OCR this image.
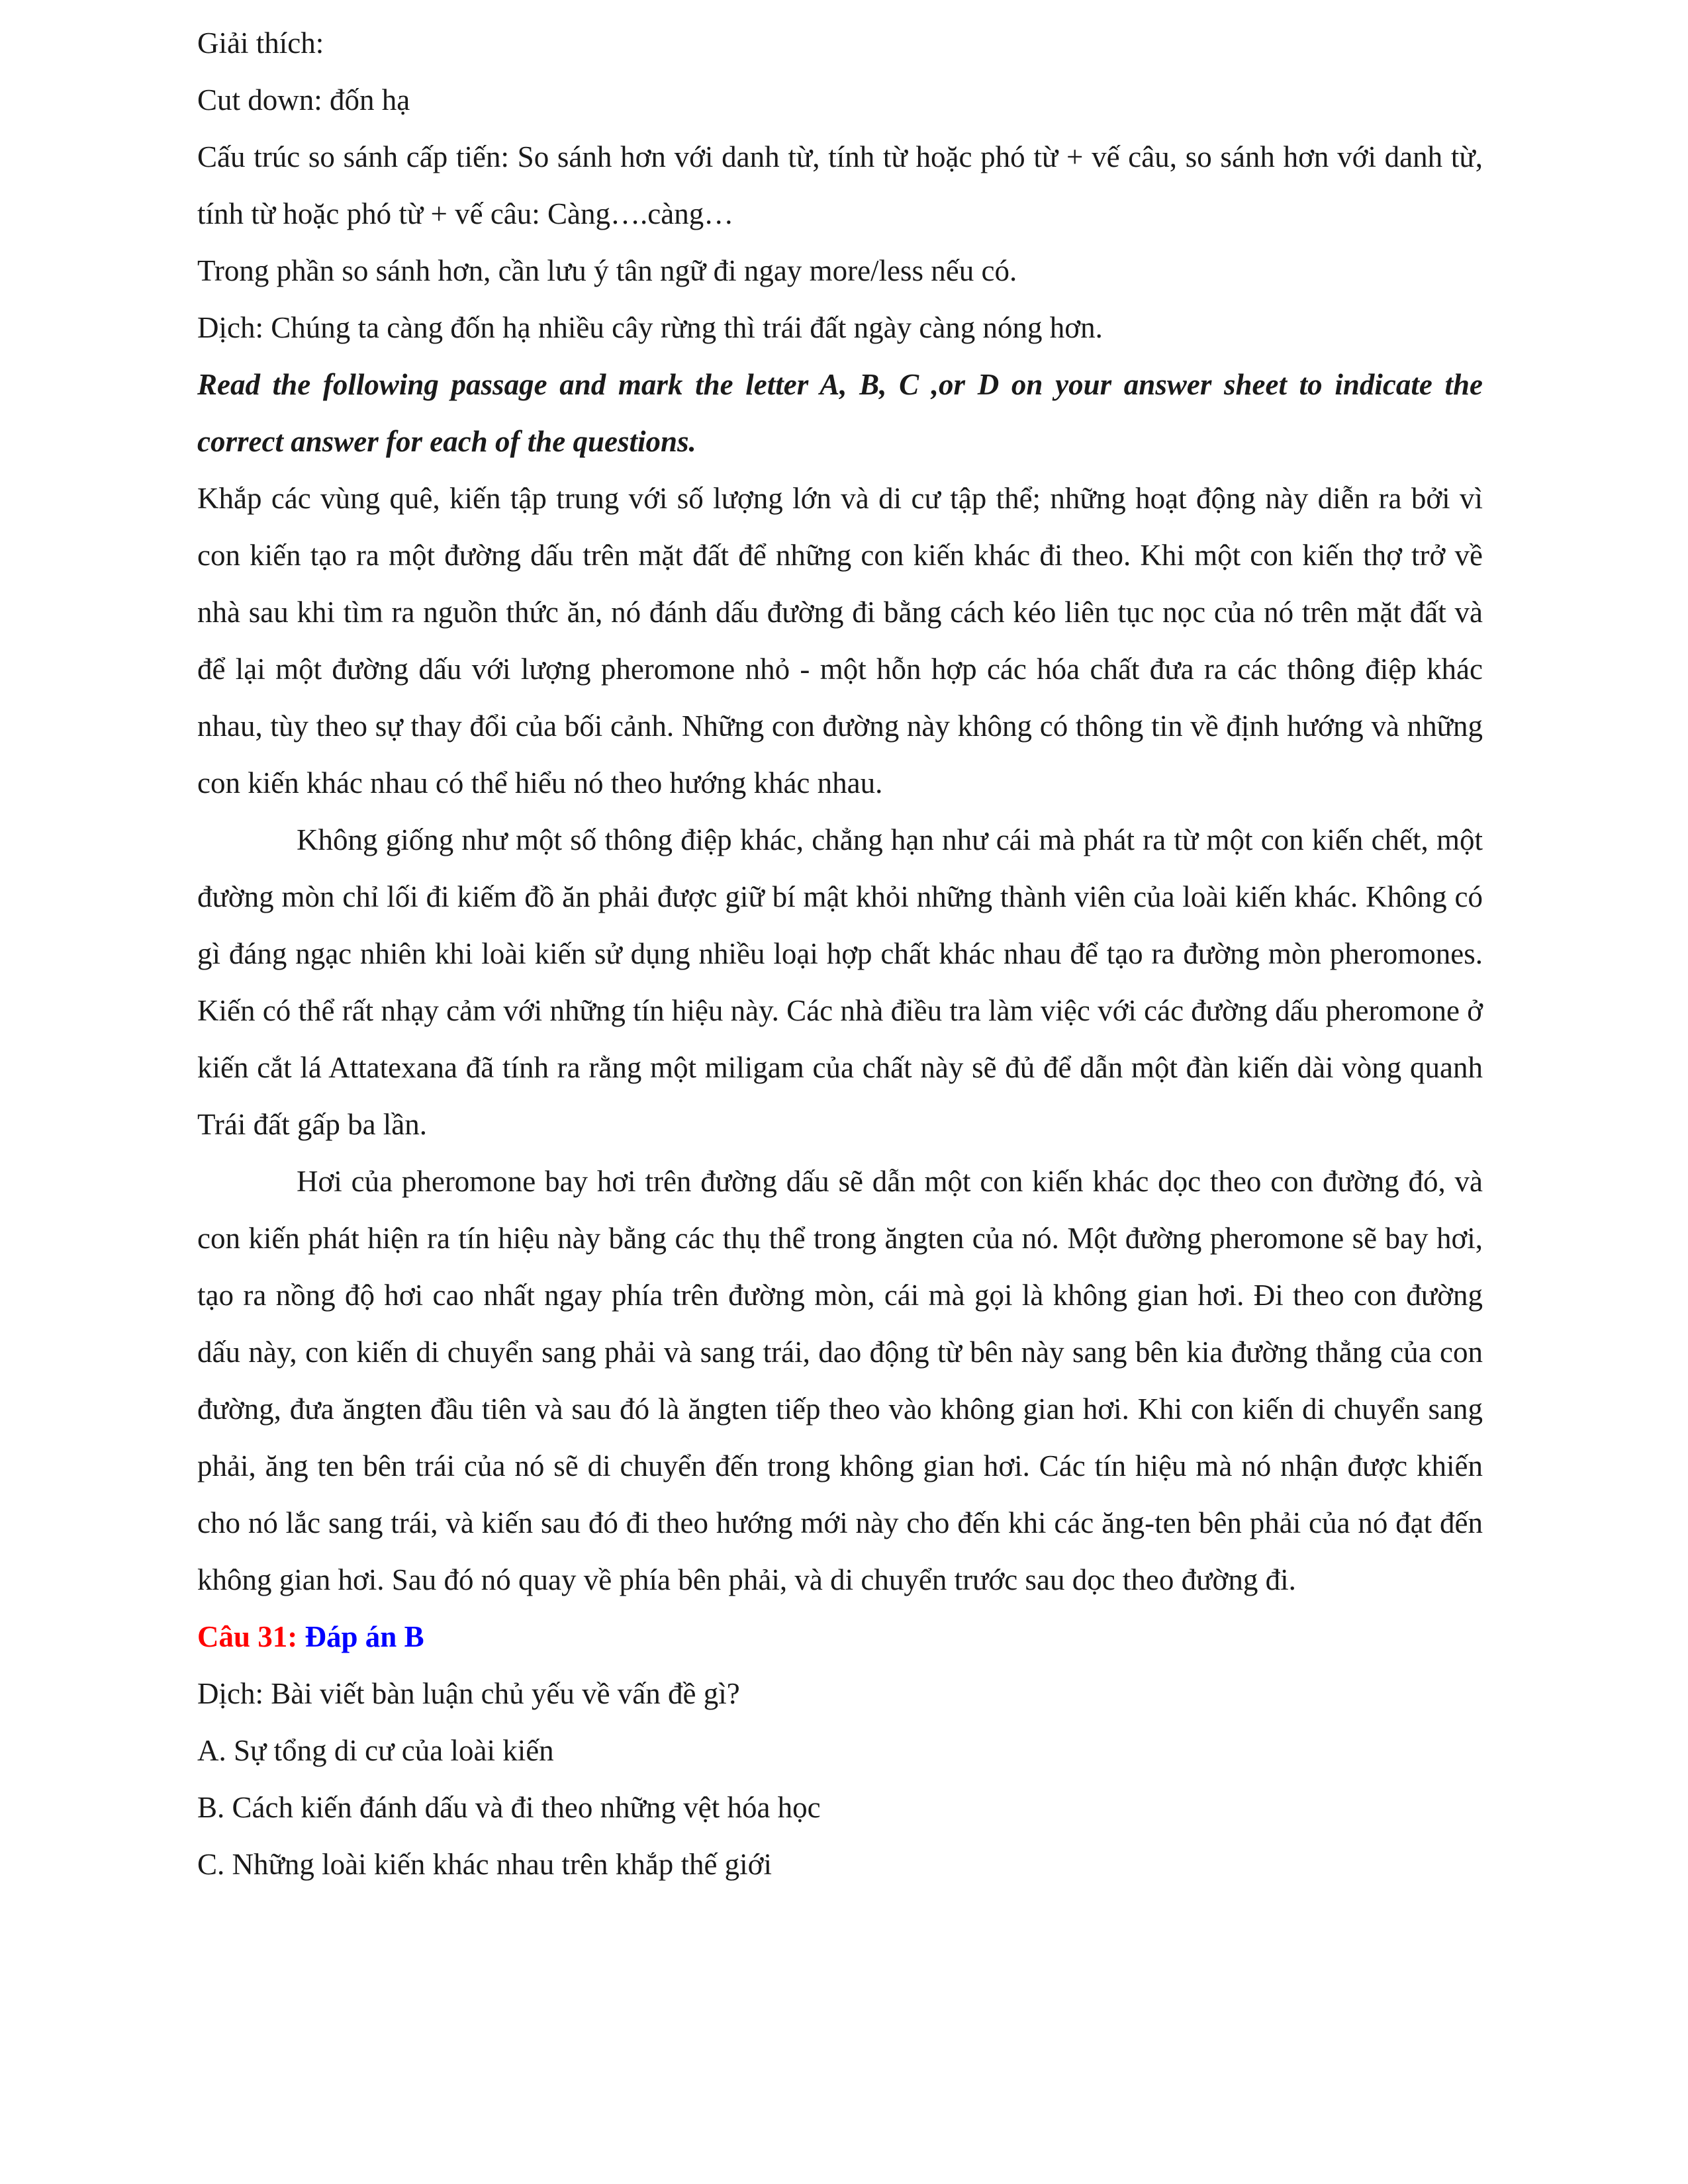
Giải thích:

Cut down: đốn hạ

Cấu trúc so sánh cấp tiến: So sánh hơn với danh từ, tính từ hoặc phó từ + vế câu, so sánh hơn với danh từ, tính từ hoặc phó từ + vế câu: Càng….càng…

Trong phần so sánh hơn, cần lưu ý tân ngữ đi ngay more/less nếu có.

Dịch: Chúng ta càng đốn hạ nhiều cây rừng thì trái đất ngày càng nóng hơn.

Read the following passage and mark the letter A, B, C ,or D on your answer sheet to indicate the correct answer for each of the questions.

Khắp các vùng quê, kiến tập trung với số lượng lớn và di cư tập thể; những hoạt động này diễn ra bởi vì con kiến tạo ra một đường dấu trên mặt đất để những con kiến khác đi theo. Khi một con kiến thợ trở về nhà sau khi tìm ra nguồn thức ăn, nó đánh dấu đường đi bằng cách kéo liên tục nọc của nó trên mặt đất và để lại một đường dấu với lượng pheromone nhỏ - một hỗn hợp các hóa chất đưa ra các thông điệp khác nhau, tùy theo sự thay đổi của bối cảnh. Những con đường này không có thông tin về định hướng và những con kiến khác nhau có thể hiểu nó theo hướng khác nhau.

Không giống như một số thông điệp khác, chẳng hạn như cái mà phát ra từ một con kiến chết, một đường mòn chỉ lối đi kiếm đồ ăn phải được giữ bí mật khỏi những thành viên của loài kiến khác. Không có gì đáng ngạc nhiên khi loài kiến sử dụng nhiều loại hợp chất khác nhau để tạo ra đường mòn pheromones. Kiến có thể rất nhạy cảm với những tín hiệu này. Các nhà điều tra làm việc với các đường dấu pheromone ở kiến cắt lá Attatexana đã tính ra rằng một miligam của chất này sẽ đủ để dẫn một đàn kiến dài vòng quanh Trái đất gấp ba lần.

Hơi của pheromone bay hơi trên đường dấu sẽ dẫn một con kiến khác dọc theo con đường đó, và con kiến phát hiện ra tín hiệu này bằng các thụ thể trong ăngten của nó. Một đường pheromone sẽ bay hơi, tạo ra nồng độ hơi cao nhất ngay phía trên đường mòn, cái mà gọi là không gian hơi. Đi theo con đường dấu này, con kiến di chuyển sang phải và sang trái, dao động từ bên này sang bên kia đường thẳng của con đường, đưa ăngten đầu tiên và sau đó là ăngten tiếp theo vào không gian hơi. Khi con kiến di chuyển sang phải, ăng ten bên trái của nó sẽ di chuyển đến trong không gian hơi. Các tín hiệu mà nó nhận được khiến cho nó lắc sang trái, và kiến sau đó đi theo hướng mới này cho đến khi các ăng-ten bên phải của nó đạt đến không gian hơi. Sau đó nó quay về phía bên phải, và di chuyển trước sau dọc theo đường đi.

Câu 31: Đáp án B

Dịch: Bài viết bàn luận chủ yếu về vấn đề gì?

A. Sự tổng di cư của loài kiến

B. Cách kiến đánh dấu và đi theo những vệt hóa học

C. Những loài kiến khác nhau trên khắp thế giới
